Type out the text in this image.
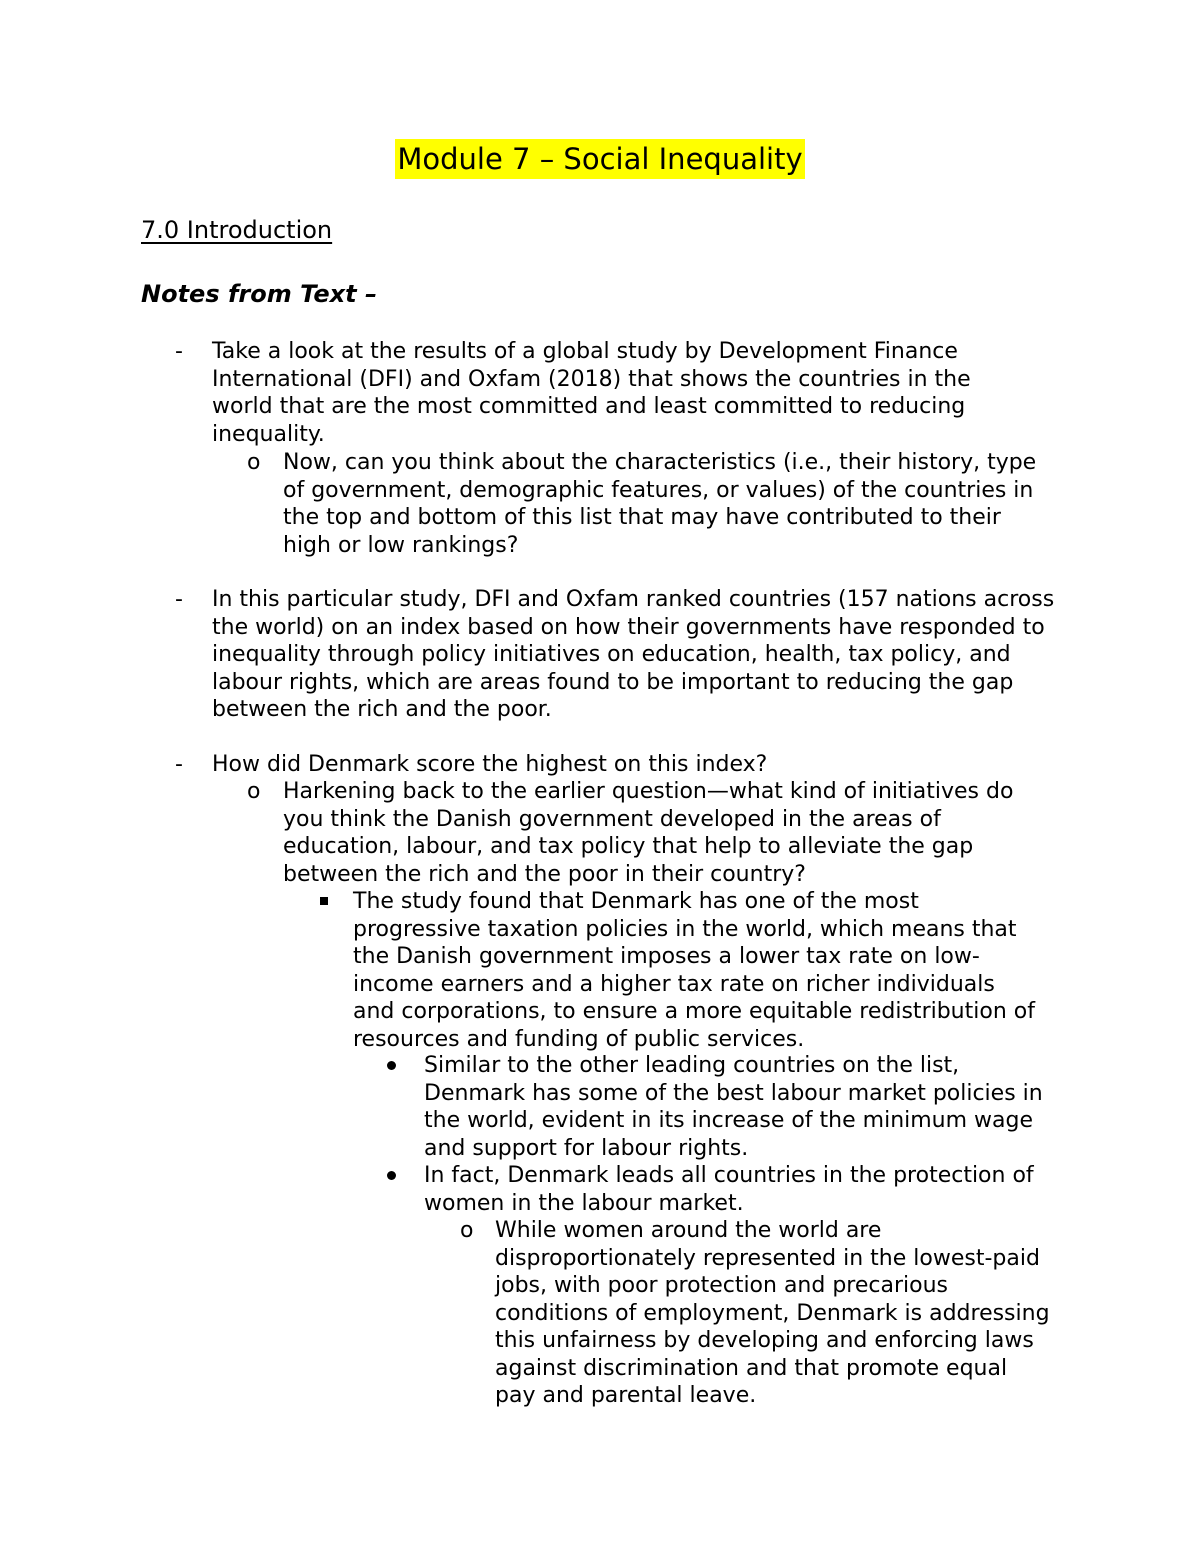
Module 7 – Social Inequality
7.0 Introduction
Notes from Text –
- Take a look at the results of a global study by Development Finance International (DFI) and Oxfam (2018) that shows the countries in the world that are the most committed and least committed to reducing inequality.

o Now, can you think about the characteristics (i.e., their history, type of government, demographic features, or values) of the countries in the top and bottom of this list that may have contributed to their high or low rankings?

- In this particular study, DFI and Oxfam ranked countries (157 nations across the world) on an index based on how their governments have responded to inequality through policy initiatives on education, health, tax policy, and labour rights, which are areas found to be important to reducing the gap between the rich and the poor.

- How did Denmark score the highest on this index?

o Harkening back to the earlier question—what kind of initiatives do you think the Danish government developed in the areas of education, labour, and tax policy that help to alleviate the gap between the rich and the poor in their country?

The study found that Denmark has one of the most progressive taxation policies in the world, which means that the Danish government imposes a lower tax rate on low-income earners and a higher tax rate on richer individuals and corporations, to ensure a more equitable redistribution of resources and funding of public services.

Similar to the other leading countries on the list, Denmark has some of the best labour market policies in the world, evident in its increase of the minimum wage and support for labour rights.

In fact, Denmark leads all countries in the protection of women in the labour market.

o While women around the world are disproportionately represented in the lowest-paid jobs, with poor protection and precarious conditions of employment, Denmark is addressing this unfairness by developing and enforcing laws against discrimination and that promote equal pay and parental leave.
